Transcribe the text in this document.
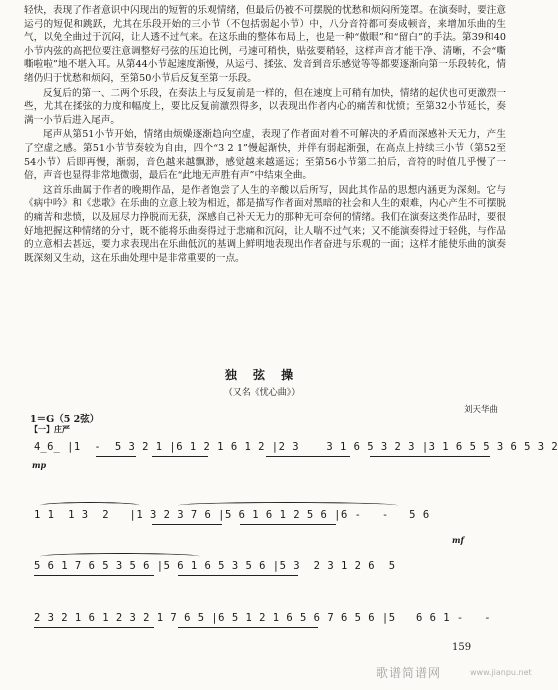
轻快，表现了作者意识中闪现出的短暂的乐观情绪，但最后仍被不可摆脱的忧愁和烦闷所笼罩。在演奏时，要注意运弓的短促和跳跃，尤其在乐段开始的三小节（不包括弱起小节）中，八分音符都可奏成顿音，来增加乐曲的生气，以免全曲过于沉闷，让人透不过气来。在这乐曲的整体布局上，也是一种“傲眼”和“留白”的手法。第39和40小节内弦的高把位要注意调整好弓弦的压迫比例，弓速可稍快，贴弦要稍轻，这样声音才能干净、清晰，不会“嘶嘶啦啦”地不堪入耳。从第44小节起速度渐慢，从运弓、揉弦、发音到音乐感觉等等都要逐渐向第一乐段转化，情绪仍归于忧愁和烦闷，至第50小节后反复至第一乐段。

反复后的第一、二两个乐段，在奏法上与反复前是一样的，但在速度上可稍有加快，情绪的起伏也可更激烈一些，尤其在揉弦的力度和幅度上，要比反复前激烈得多，以表现出作者内心的痛苦和忧愤；至第32小节延长，奏满一小节后进入尾声。

尾声从第51小节开始，情绪由烦燥逐渐趋向空虚，表现了作者面对着不可解决的矛盾而深感补天无力，产生了空虚之感。第51小节节奏较为自由，四个“3 2 1”慢起渐快，并伴有弱起渐强，在高点上持续三小节（第52至54小节）后即再慢，渐弱，音色越来越飘渺，感觉越来越遥远；至第56小节第二拍后，音符的时值几乎慢了一倍，声音也显得非常地微弱，最后在“此地无声胜有声”中结束全曲。

这首乐曲属于作者的晚期作品，是作者饱尝了人生的辛酸以后所写，因此其作品的思想内涵更为深刻。它与《病中吟》和《悲歌》在乐曲的立意上较为相近，都是描写作者面对黑暗的社会和人生的艰难，内心产生不可摆脱的痛苦和悲愤，以及屈尽力挣脱而无获，深感自己补天无力的那种无可奈何的情绪。我们在演奏这类作品时，要很好地把握这种情绪的分寸，既不能将乐曲奏得过于悲痛和沉闷，让人喘不过气来；又不能演奏得过于轻佻，与作品的立意相去甚远，要力求表现出在乐曲低沉的基调上鲜明地表现出作者奋进与乐观的一面；这样才能使乐曲的演奏既深刻又生动，这在乐曲处理中是非常重要的一点。

独 弦 操
（又名《忧心曲》）
刘天华曲
1＝G（5 2弦）
【一】庄严
mp
mf
4̲6̲ |1  -  5 3 2 1 |6 1 2 1 6 1 2 |2 3    3 1 6 5 3 2 3 |3 1 6 5 5 3 6 5 3 2
1 1  1 3  2   |1 3 2 3 7 6 |5 6 1 6 1 2 5 6 |6 -   -   5 6
5 6 1 7 6 5 3 5 6 |5 6 1 6 5 3 5 6 |5 3  2 3 1 2 6  5
2 3 2 1 6 1 2 3 2 1 7 6 5 |6 5 1 2 1 6 5 6 7 6 5 6 |5   6 6 1 -   -
159
歌谱简谱网	www.jianpu.net
